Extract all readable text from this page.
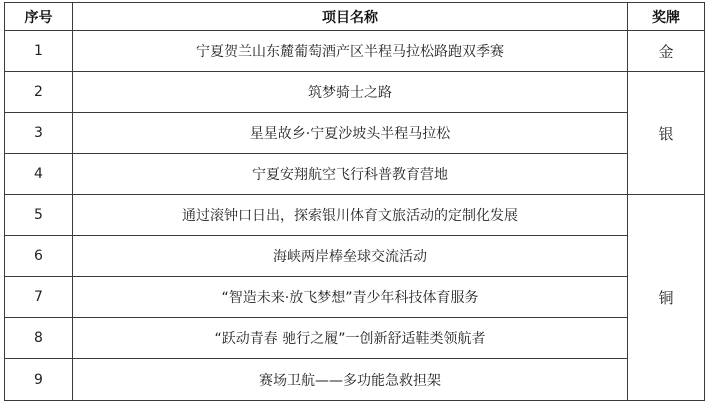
序号	项目名称	奖牌
1	宁夏贺兰山东麓葡萄酒产区半程马拉松路跑双季赛	金
2	筑梦骑士之路	银
3	星星故乡·宁夏沙坡头半程马拉松	
4	宁夏安翔航空飞行科普教育营地	
5	通过滚钟口日出，探索银川体育文旅活动的定制化发展	铜
6	海峡两岸棒垒球交流活动	
7	“智造未来·放飞梦想”青少年科技体育服务	
8	“跃动青春 驰行之履”一创新舒适鞋类领航者	
9	赛场卫航——多功能急救担架	
